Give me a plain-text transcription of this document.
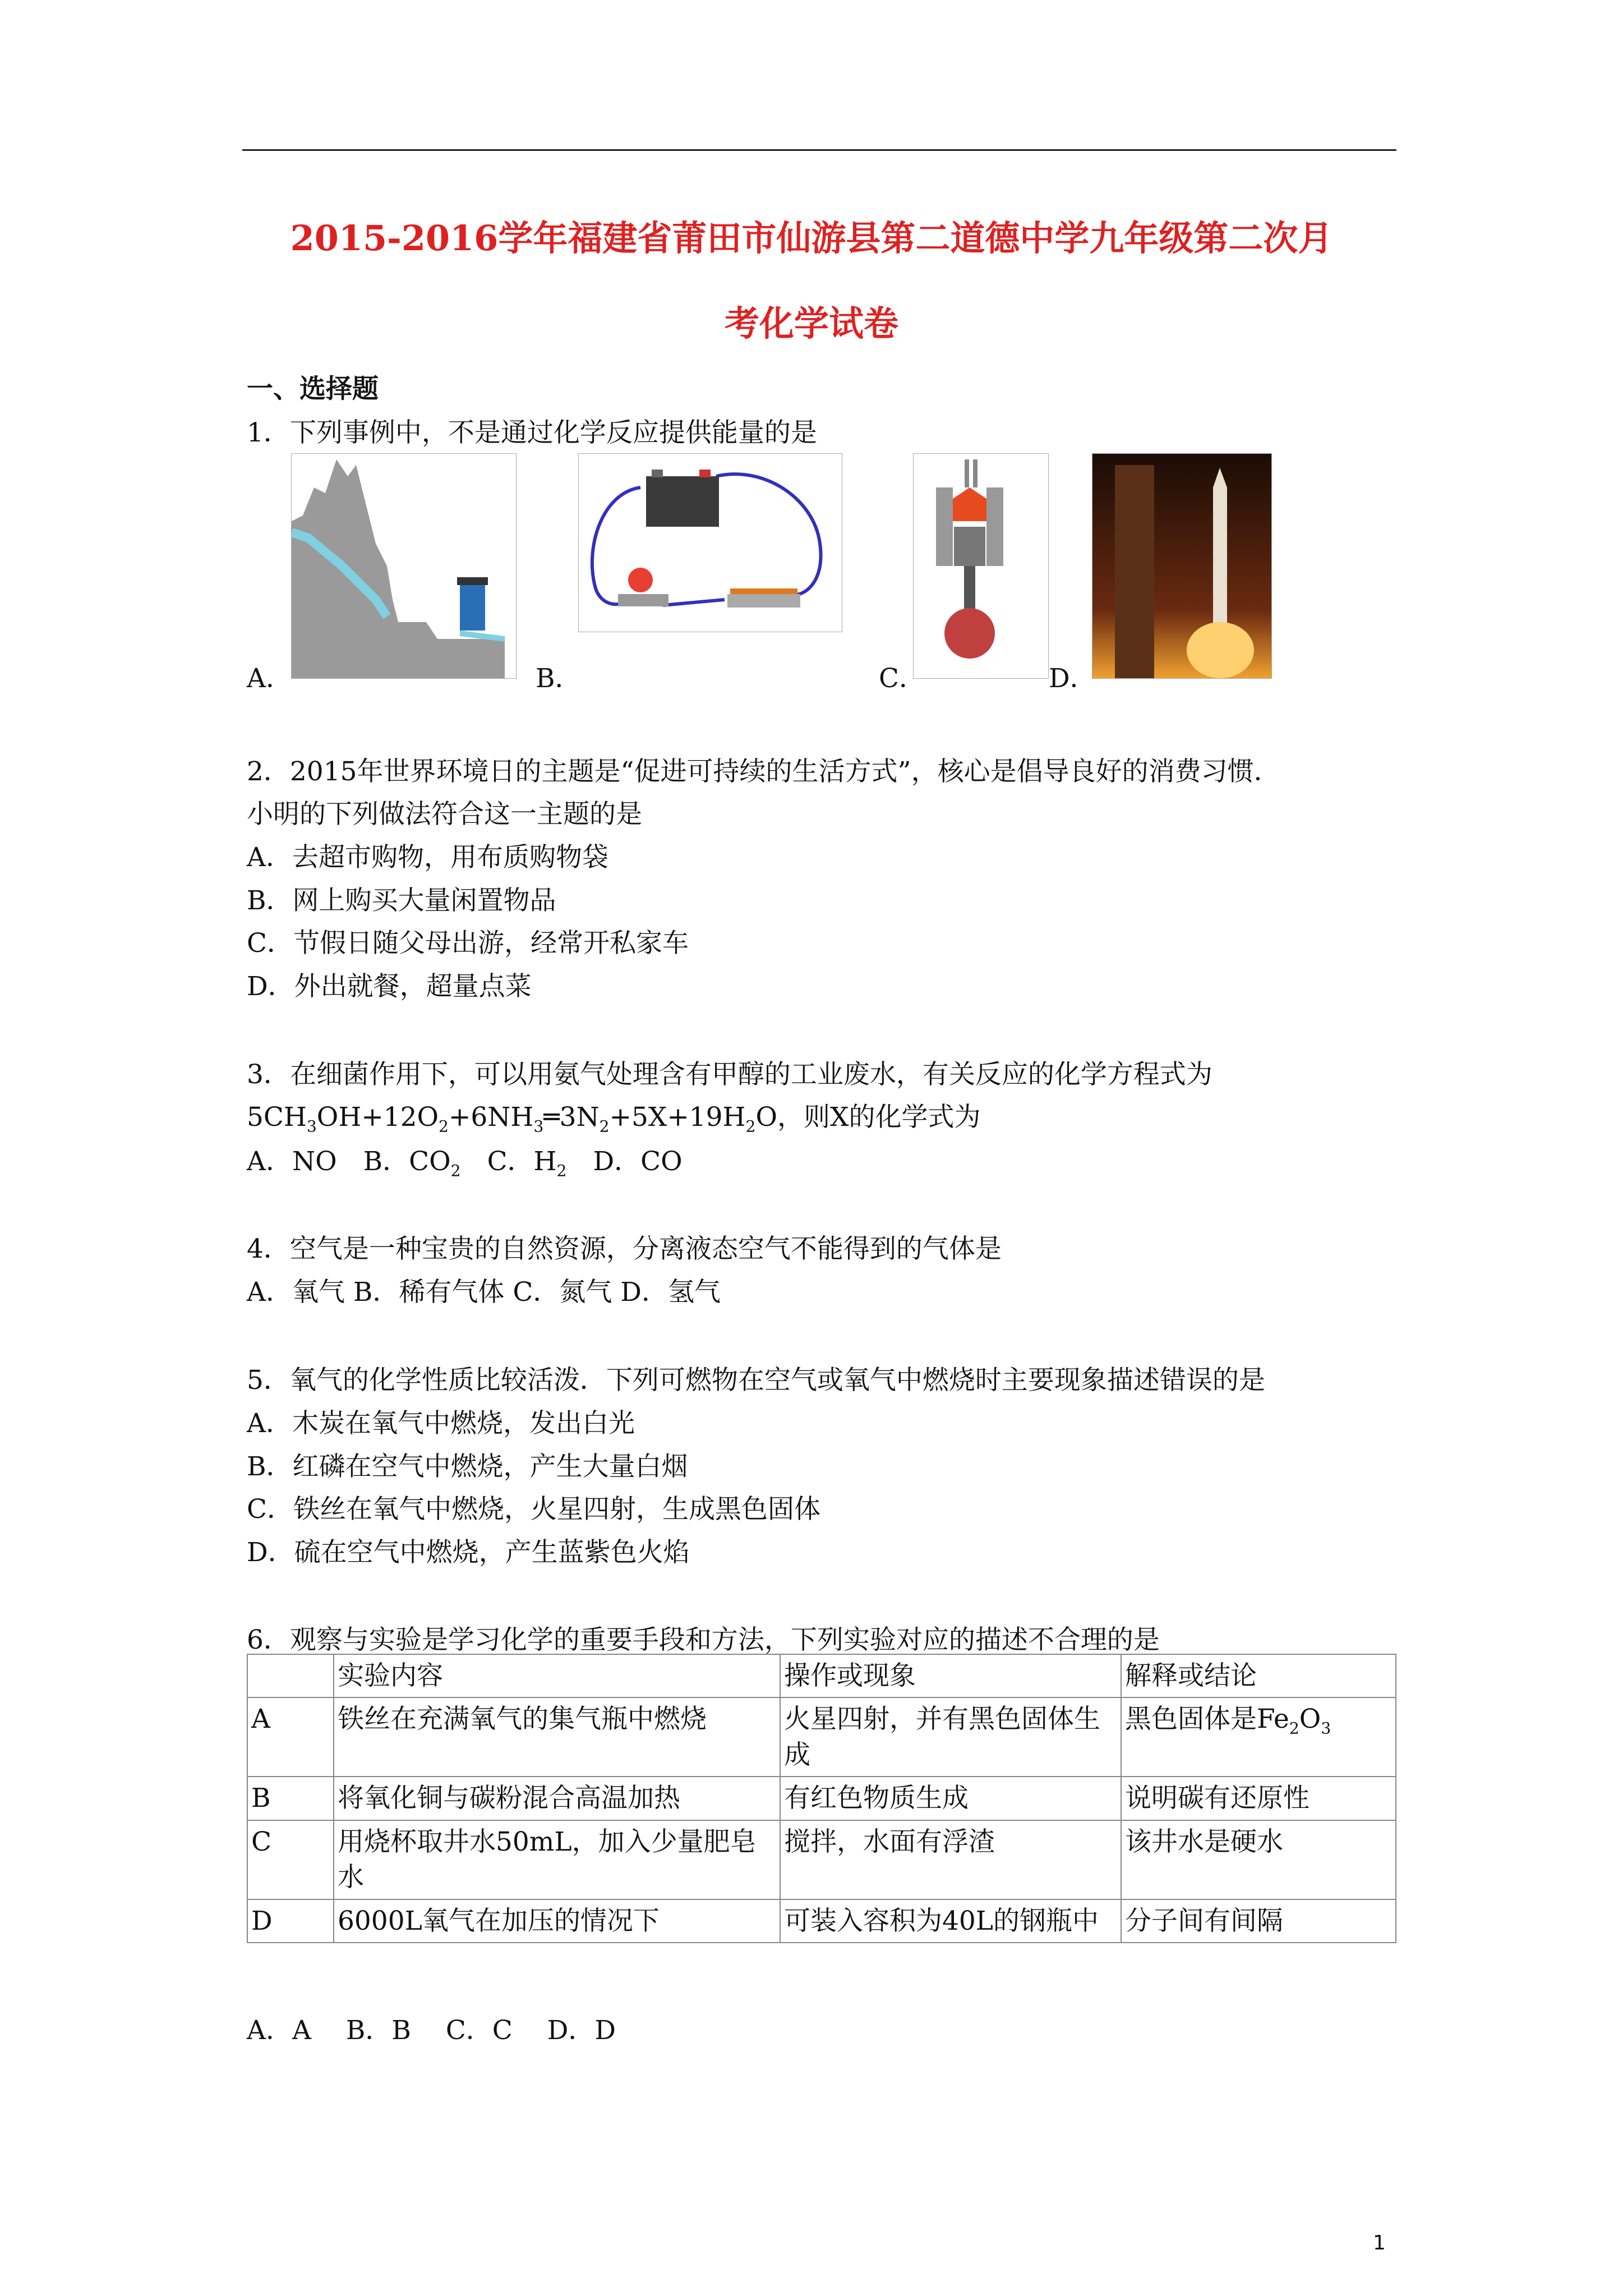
2015-2016学年福建省莆田市仙游县第二道德中学九年级第二次月
考化学试卷
一、选择题
1．下列事例中，不是通过化学反应提供能量的是
A．	B．	C．	D．
2．2015年世界环境日的主题是“促进可持续的生活方式”，核心是倡导良好的消费习惯．
小明的下列做法符合这一主题的是
A．去超市购物，用布质购物袋
B．网上购买大量闲置物品
C．节假日随父母出游，经常开私家车
D．外出就餐，超量点菜
3．在细菌作用下，可以用氨气处理含有甲醇的工业废水，有关反应的化学方程式为
$5CH_3OH+12O_2+6NH_3═3N_2+5X+19H_2O$，则X的化学式为
A．NO　 B．$CO_2$　 C．$H_2$　 D．CO
4．空气是一种宝贵的自然资源，分离液态空气不能得到的气体是
A．氧气 B．稀有气体 C．氮气 D．氢气
5．氧气的化学性质比较活泼．下列可燃物在空气或氧气中燃烧时主要现象描述错误的是
A．木炭在氧气中燃烧，发出白光
B．红磷在空气中燃烧，产生大量白烟
C．铁丝在氧气中燃烧，火星四射，生成黑色固体
D．硫在空气中燃烧，产生蓝紫色火焰
6．观察与实验是学习化学的重要手段和方法，下列实验对应的描述不合理的是
	实验内容	操作或现象	解释或结论
A	铁丝在充满氧气的集气瓶中燃烧	火星四射，并有黑色固体生成	黑色固体是$Fe_2O_3$
B	将氧化铜与碳粉混合高温加热	有红色物质生成	说明碳有还原性
C	用烧杯取井水50mL，加入少量肥皂水	搅拌，水面有浮渣	该井水是硬水
D	6000L氧气在加压的情况下	可装入容积为40L的钢瓶中	分子间有间隔
A．A　 B．B　 C．C　 D．D
1
